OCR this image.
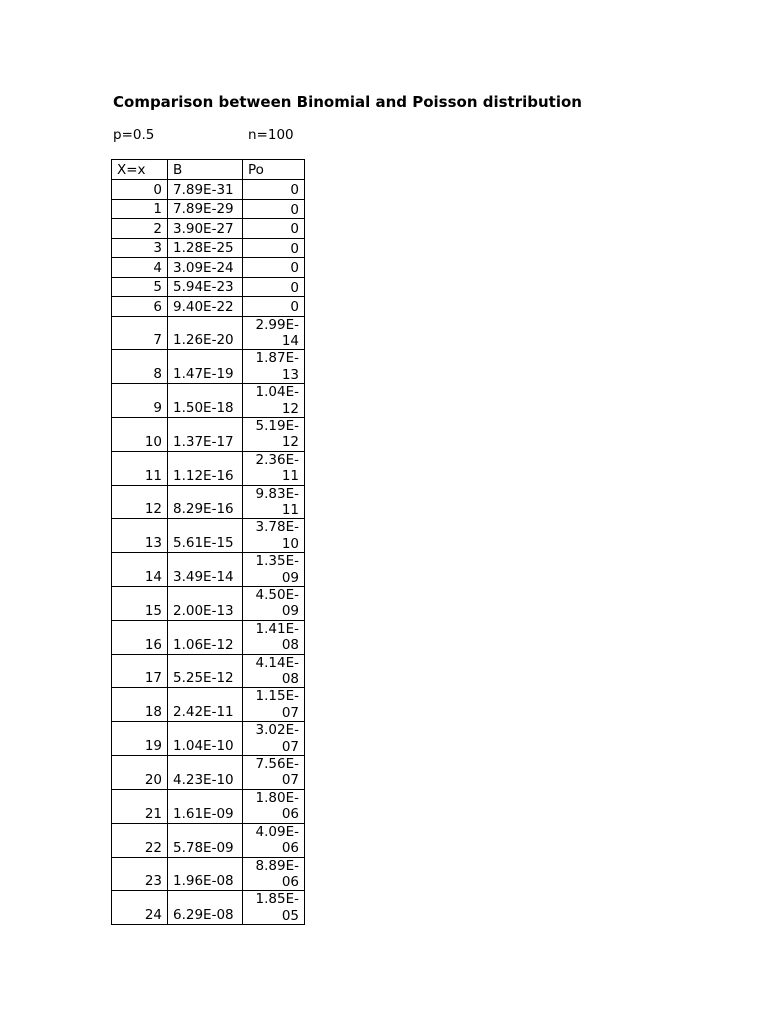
Comparison between Binomial and Poisson distribution
p=0.5	n=100
X=x	B	Po
0	7.89E-31	0

1	7.89E-29	0

2	3.90E-27	0

3	1.28E-25	0

4	3.09E-24	0

5	5.94E-23	0

6	9.40E-22	0

7	1.26E-20	2.99E-
14

8	1.47E-19	1.87E-
13

9	1.50E-18	1.04E-
12

10	1.37E-17	5.19E-
12

11	1.12E-16	2.36E-
11

12	8.29E-16	9.83E-
11

13	5.61E-15	3.78E-
10

14	3.49E-14	1.35E-
09

15	2.00E-13	4.50E-
09

16	1.06E-12	1.41E-
08

17	5.25E-12	4.14E-
08

18	2.42E-11	1.15E-
07

19	1.04E-10	3.02E-
07

20	4.23E-10	7.56E-
07

21	1.61E-09	1.80E-
06

22	5.78E-09	4.09E-
06

23	1.96E-08	8.89E-
06

24	6.29E-08	1.85E-
05
